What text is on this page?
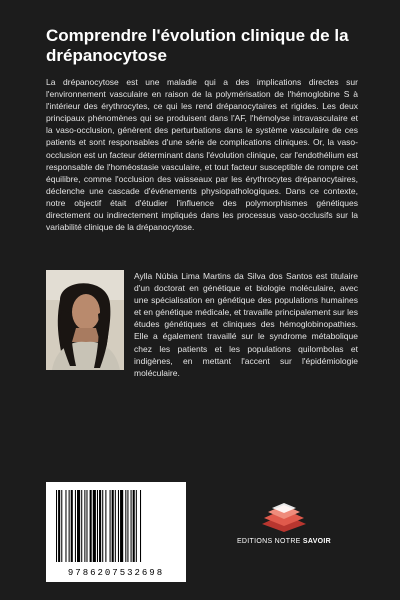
Comprendre l'évolution clinique de la drépanocytose

La drépanocytose est une maladie qui a des implications directes sur l'environnement vasculaire en raison de la polymérisation de l'hémoglobine S à l'intérieur des érythrocytes, ce qui les rend drépanocytaires et rigides. Les deux principaux phénomènes qui se produisent dans l'AF, l'hémolyse intravasculaire et la vaso-occlusion, génèrent des perturbations dans le système vasculaire de ces patients et sont responsables d'une série de complications cliniques. Or, la vaso-occlusion est un facteur déterminant dans l'évolution clinique, car l'endothélium est responsable de l'homéostasie vasculaire, et tout facteur susceptible de rompre cet équilibre, comme l'occlusion des vaisseaux par les érythrocytes drépanocytaires, déclenche une cascade d'événements physiopathologiques. Dans ce contexte, notre objectif était d'étudier l'influence des polymorphismes génétiques directement ou indirectement impliqués dans les processus vaso-occlusifs sur la variabilité clinique de la drépanocytose.

Aylla Núbia Lima Martins da Silva dos Santos est titulaire d'un doctorat en génétique et biologie moléculaire, avec une spécialisation en génétique des populations humaines et en génétique médicale, et travaille principalement sur les études génétiques et cliniques des hémoglobinopathies. Elle a également travaillé sur le syndrome métabolique chez les patients et les populations quilombolas et indigènes, en mettant l'accent sur l'épidémiologie moléculaire.

9786207532698
EDITIONS NOTRE SAVOIR
